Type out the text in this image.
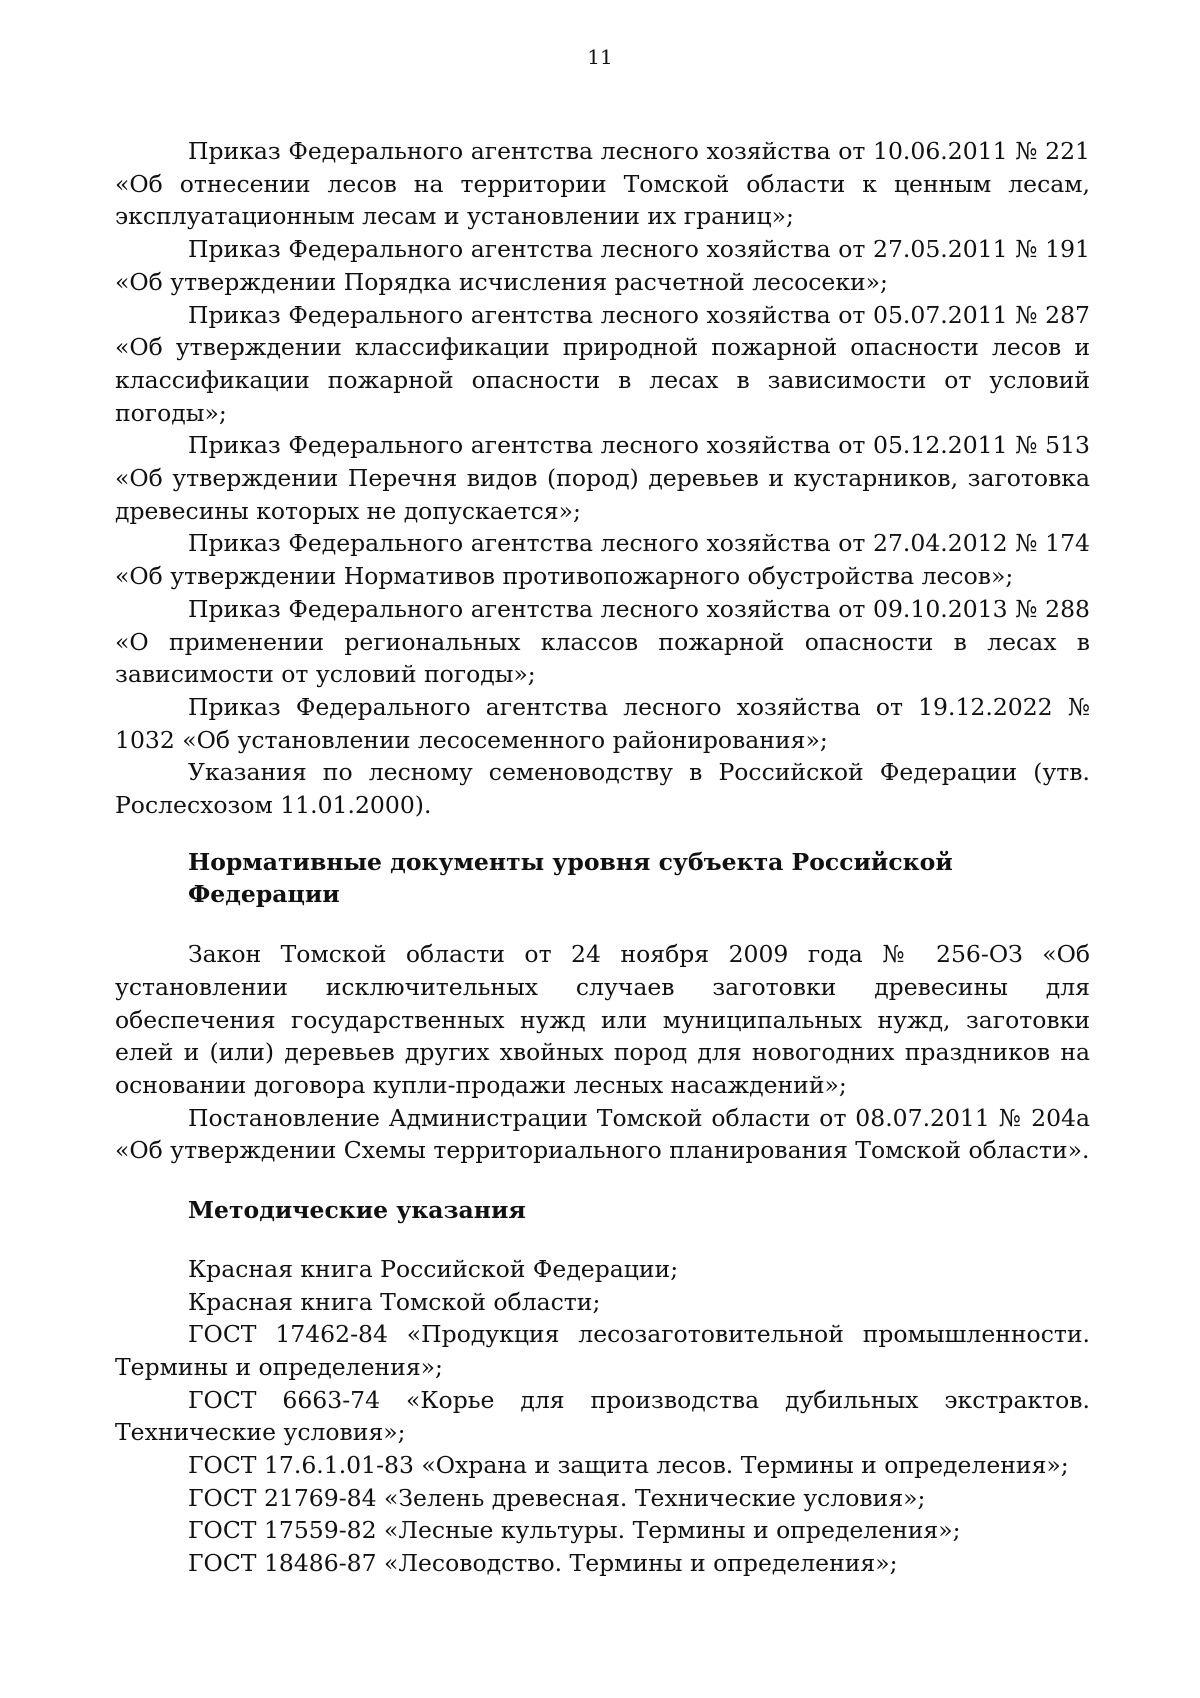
11

Приказ Федерального агентства лесного хозяйства от 10.06.2011 № 221 «Об отнесении лесов на территории Томской области к ценным лесам, эксплуатационным лесам и установлении их границ»;

Приказ Федерального агентства лесного хозяйства от 27.05.2011 № 191 «Об утверждении Порядка исчисления расчетной лесосеки»;

Приказ Федерального агентства лесного хозяйства от 05.07.2011 № 287 «Об утверждении классификации природной пожарной опасности лесов и классификации пожарной опасности в лесах в зависимости от условий погоды»;

Приказ Федерального агентства лесного хозяйства от 05.12.2011 № 513 «Об утверждении Перечня видов (пород) деревьев и кустарников, заготовка древесины которых не допускается»;

Приказ Федерального агентства лесного хозяйства от 27.04.2012 № 174 «Об утверждении Нормативов противопожарного обустройства лесов»;

Приказ Федерального агентства лесного хозяйства от 09.10.2013 № 288 «О применении региональных классов пожарной опасности в лесах в зависимости от условий погоды»;

Приказ Федерального агентства лесного хозяйства от 19.12.2022 № 1032 «Об установлении лесосеменного районирования»;

Указания по лесному семеноводству в Российской Федерации (утв. Рослесхозом 11.01.2000).

Нормативные документы уровня субъекта Российской Федерации

Закон Томской области от 24 ноября 2009 года № 256-ОЗ «Об установлении исключительных случаев заготовки древесины для обеспечения государственных нужд или муниципальных нужд, заготовки елей и (или) деревьев других хвойных пород для новогодних праздников на основании договора купли-продажи лесных насаждений»;

Постановление Администрации Томской области от 08.07.2011 № 204а «Об утверждении Схемы территориального планирования Томской области».

Методические указания

Красная книга Российской Федерации;

Красная книга Томской области;

ГОСТ 17462-84 «Продукция лесозаготовительной промышленности. Термины и определения»;

ГОСТ 6663-74 «Корье для производства дубильных экстрактов. Технические условия»;

ГОСТ 17.6.1.01-83 «Охрана и защита лесов. Термины и определения»;

ГОСТ 21769-84 «Зелень древесная. Технические условия»;

ГОСТ 17559-82 «Лесные культуры. Термины и определения»;

ГОСТ 18486-87 «Лесоводство. Термины и определения»;
